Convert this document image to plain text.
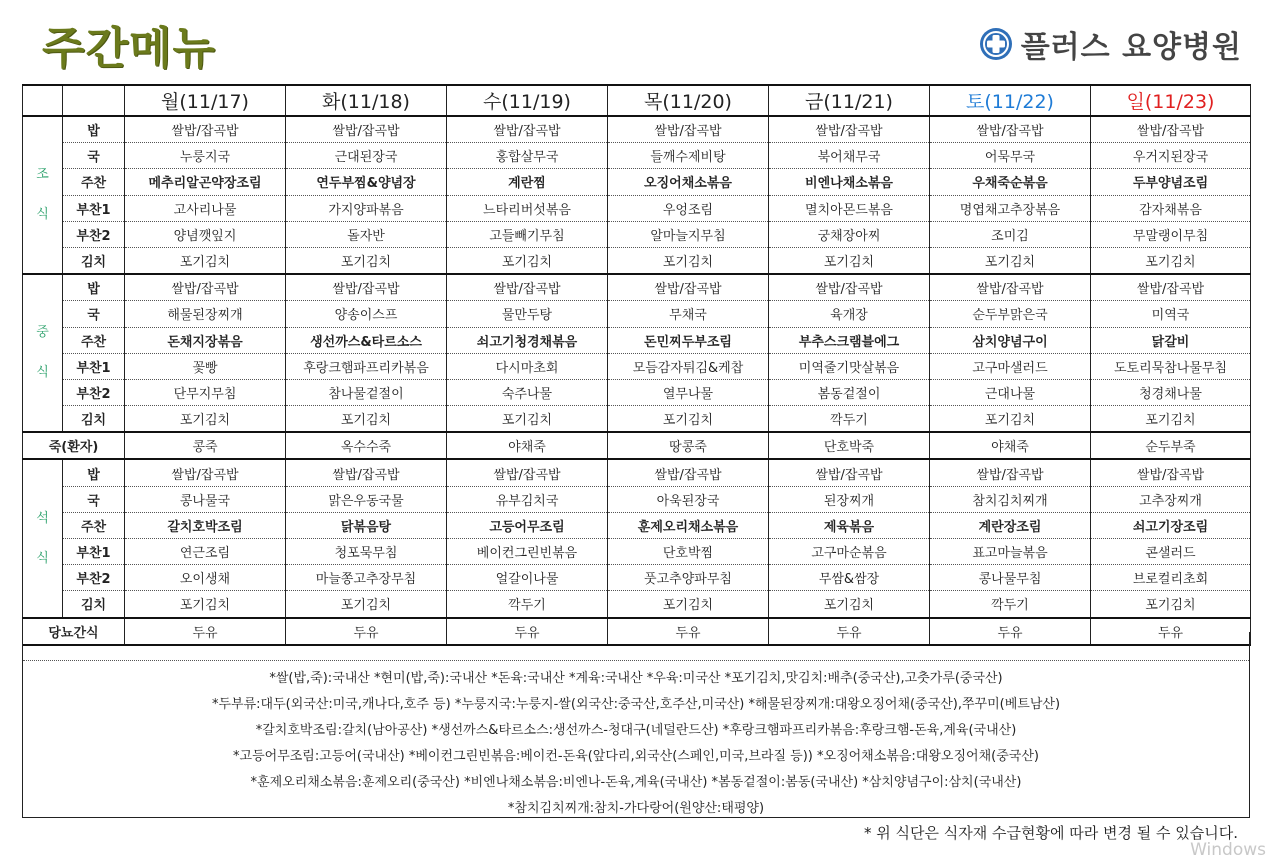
주간메뉴	플러스 요양병원
		월(11/17)	화(11/18)	수(11/19)	목(11/20)	금(11/21)	토(11/22)	일(11/23)
조
식	밥	쌀밥/잡곡밥	쌀밥/잡곡밥	쌀밥/잡곡밥	쌀밥/잡곡밥	쌀밥/잡곡밥	쌀밥/잡곡밥	쌀밥/잡곡밥
	국	누룽지국	근대된장국	홍합살무국	들깨수제비탕	북어채무국	어묵무국	우거지된장국
	주찬	메추리알곤약장조림	연두부찜&양념장	계란찜	오징어채소볶음	비엔나채소볶음	우채죽순볶음	두부양념조림
	부찬1	고사리나물	가지양파볶음	느타리버섯볶음	우엉조림	멸치아몬드볶음	명엽채고추장볶음	감자채볶음
	부찬2	양념깻잎지	돌자반	고들빼기무침	알마늘지무침	궁채장아찌	조미김	무말랭이무침
	김치	포기김치	포기김치	포기김치	포기김치	포기김치	포기김치	포기김치
중
식	밥	쌀밥/잡곡밥	쌀밥/잡곡밥	쌀밥/잡곡밥	쌀밥/잡곡밥	쌀밥/잡곡밥	쌀밥/잡곡밥	쌀밥/잡곡밥
	국	해물된장찌개	양송이스프	물만두탕	무채국	육개장	순두부맑은국	미역국
	주찬	돈채지장볶음	생선까스&타르소스	쇠고기청경채볶음	돈민찌두부조림	부추스크램블에그	삼치양념구이	닭갈비
	부찬1	꽃빵	후랑크햄파프리카볶음	다시마초회	모듬감자튀김&케찹	미역줄기맛살볶음	고구마샐러드	도토리묵참나물무침
	부찬2	단무지무침	참나물겉절이	숙주나물	열무나물	봄동겉절이	근대나물	청경채나물
	김치	포기김치	포기김치	포기김치	포기김치	깍두기	포기김치	포기김치
죽(환자)		콩죽	옥수수죽	야채죽	땅콩죽	단호박죽	야채죽	순두부죽
석
식	밥	쌀밥/잡곡밥	쌀밥/잡곡밥	쌀밥/잡곡밥	쌀밥/잡곡밥	쌀밥/잡곡밥	쌀밥/잡곡밥	쌀밥/잡곡밥
	국	콩나물국	맑은우동국물	유부김치국	아욱된장국	된장찌개	참치김치찌개	고추장찌개
	주찬	갈치호박조림	닭볶음탕	고등어무조림	훈제오리채소볶음	제육볶음	계란장조림	쇠고기장조림
	부찬1	연근조림	청포묵무침	베이컨그린빈볶음	단호박찜	고구마순볶음	표고마늘볶음	콘샐러드
	부찬2	오이생채	마늘쫑고추장무침	얼갈이나물	풋고추양파무침	무쌈&쌈장	콩나물무침	브로컬리초회
	김치	포기김치	포기김치	깍두기	포기김치	포기김치	깍두기	포기김치
당뇨간식		두유	두유	두유	두유	두유	두유	두유
*쌀(밥,죽):국내산 *현미(밥,죽):국내산 *돈육:국내산 *계육:국내산 *우육:미국산 *포기김치,맛김치:배추(중국산),고춧가루(중국산)
*두부류:대두(외국산:미국,캐나다,호주 등) *누룽지국:누룽지-쌀(외국산:중국산,호주산,미국산) *해물된장찌개:대왕오징어채(중국산),쭈꾸미(베트남산)
*갈치호박조림:갈치(남아공산) *생선까스&타르소스:생선까스-청대구(네덜란드산) *후랑크햄파프리카볶음:후랑크햄-돈육,계육(국내산)
*고등어무조림:고등어(국내산) *베이컨그린빈볶음:베이컨-돈육(앞다리,외국산(스페인,미국,브라질 등)) *오징어채소볶음:대왕오징어채(중국산)
*훈제오리채소볶음:훈제오리(중국산) *비엔나채소볶음:비엔나-돈육,계육(국내산) *봄동겉절이:봄동(국내산) *삼치양념구이:삼치(국내산)
*참치김치찌개:참치-가다랑어(원양산:태평양)
* 위 식단은 식자재 수급현황에 따라 변경 될 수 있습니다.
Windows
